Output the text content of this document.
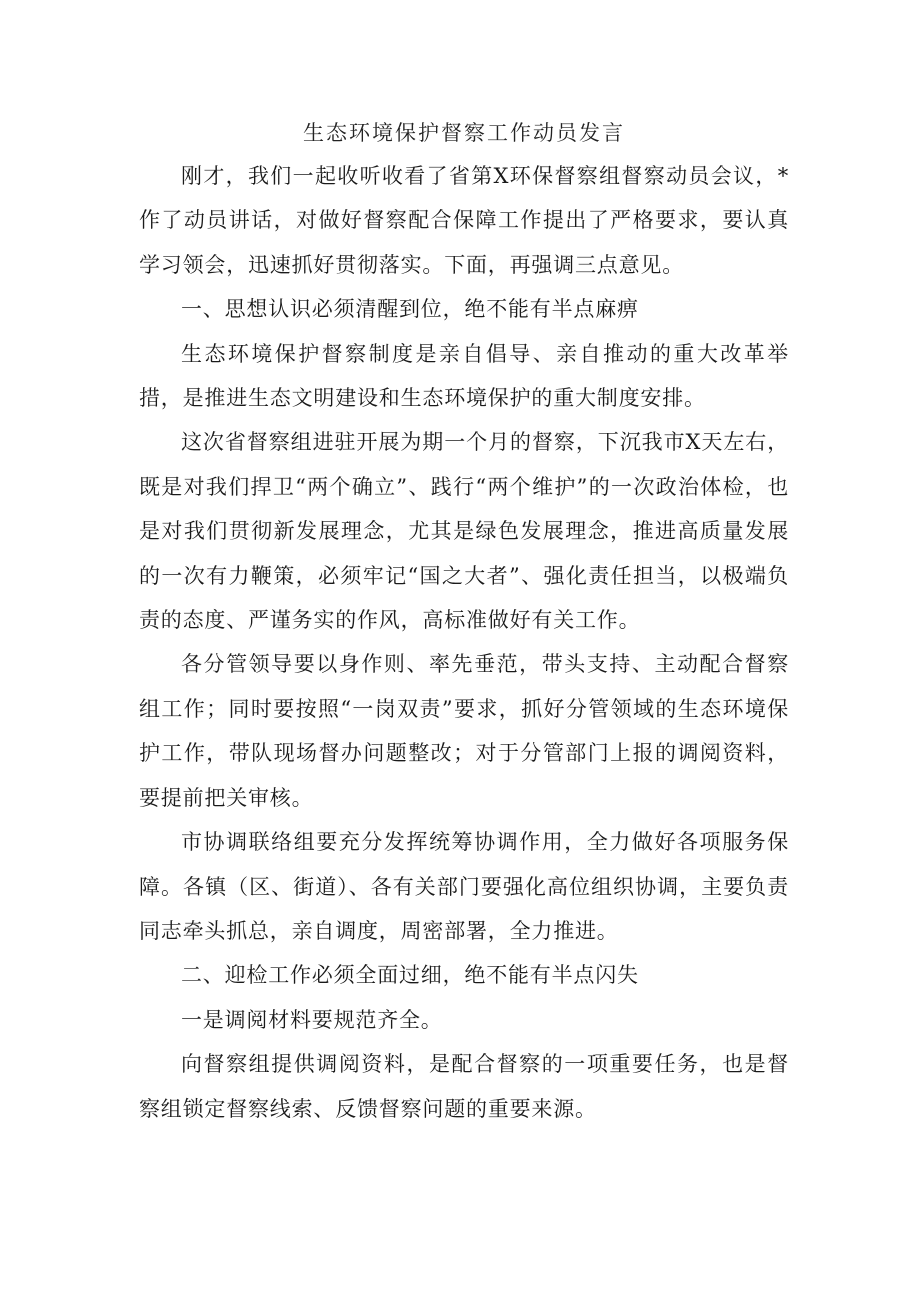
生态环境保护督察工作动员发言

刚才，我们一起收听收看了省第X环保督察组督察动员会议，*作了动员讲话，对做好督察配合保障工作提出了严格要求，要认真学习领会，迅速抓好贯彻落实。下面，再强调三点意见。

一、思想认识必须清醒到位，绝不能有半点麻痹

生态环境保护督察制度是亲自倡导、亲自推动的重大改革举措，是推进生态文明建设和生态环境保护的重大制度安排。

这次省督察组进驻开展为期一个月的督察，下沉我市X天左右，既是对我们捍卫“两个确立”、践行“两个维护”的一次政治体检，也是对我们贯彻新发展理念，尤其是绿色发展理念，推进高质量发展的一次有力鞭策，必须牢记“国之大者”、强化责任担当，以极端负责的态度、严谨务实的作风，高标准做好有关工作。

各分管领导要以身作则、率先垂范，带头支持、主动配合督察组工作；同时要按照“一岗双责”要求，抓好分管领域的生态环境保护工作，带队现场督办问题整改；对于分管部门上报的调阅资料，要提前把关审核。

市协调联络组要充分发挥统筹协调作用，全力做好各项服务保障。各镇（区、街道）、各有关部门要强化高位组织协调，主要负责同志牵头抓总，亲自调度，周密部署，全力推进。

二、迎检工作必须全面过细，绝不能有半点闪失

一是调阅材料要规范齐全。

向督察组提供调阅资料，是配合督察的一项重要任务，也是督察组锁定督察线索、反馈督察问题的重要来源。
